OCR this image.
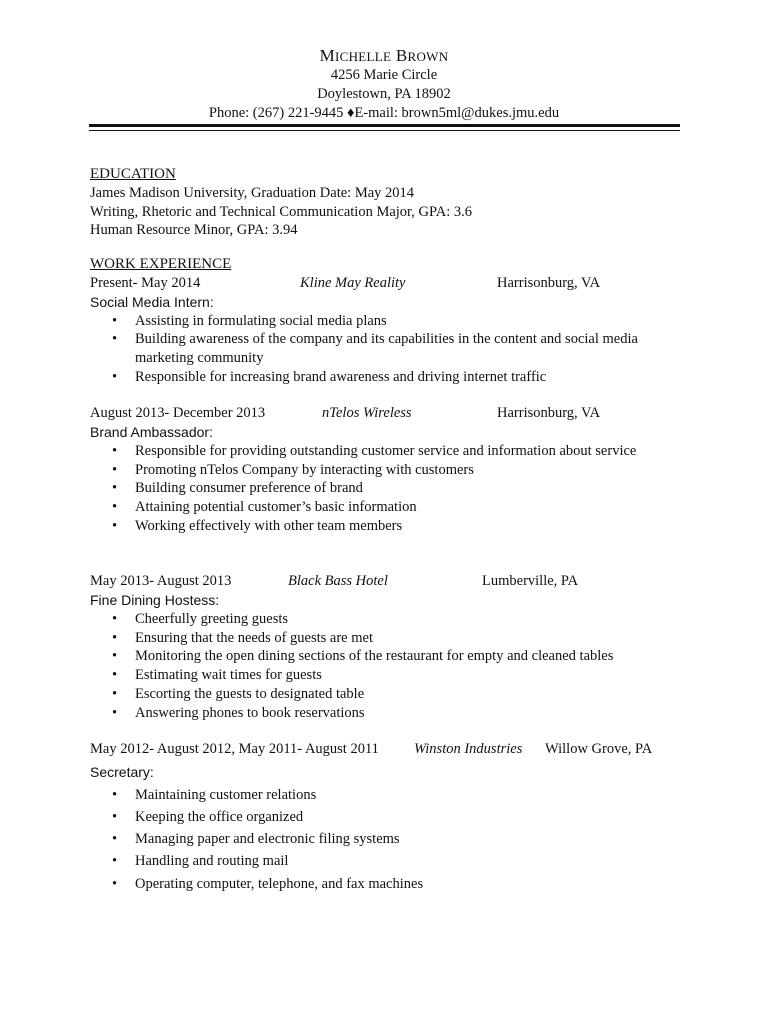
MICHELLE BROWN
4256 Marie Circle
Doylestown, PA 18902
Phone: (267) 221-9445 ♦E-mail: brown5ml@dukes.jmu.edu
EDUCATION
James Madison University, Graduation Date: May 2014
Writing, Rhetoric and Technical Communication Major, GPA: 3.6
Human Resource Minor, GPA: 3.94
WORK EXPERIENCE
Present- May 2014	Kline May Reality	Harrisonburg, VA
Social Media Intern:
• Assisting in formulating social media plans
• Building awareness of the company and its capabilities in the content and social media marketing community
• Responsible for increasing brand awareness and driving internet traffic
August 2013- December 2013	nTelos Wireless	Harrisonburg, VA
Brand Ambassador:
• Responsible for providing outstanding customer service and information about service
• Promoting nTelos Company by interacting with customers
• Building consumer preference of brand
• Attaining potential customer’s basic information
• Working effectively with other team members
May 2013- August 2013	Black Bass Hotel	Lumberville, PA
Fine Dining Hostess:
• Cheerfully greeting guests
• Ensuring that the needs of guests are met
• Monitoring the open dining sections of the restaurant for empty and cleaned tables
• Estimating wait times for guests
• Escorting the guests to designated table
• Answering phones to book reservations
May 2012- August 2012, May 2011- August 2011 Winston Industries Willow Grove, PA
Secretary:
• Maintaining customer relations
• Keeping the office organized
• Managing paper and electronic filing systems
• Handling and routing mail
• Operating computer, telephone, and fax machines
